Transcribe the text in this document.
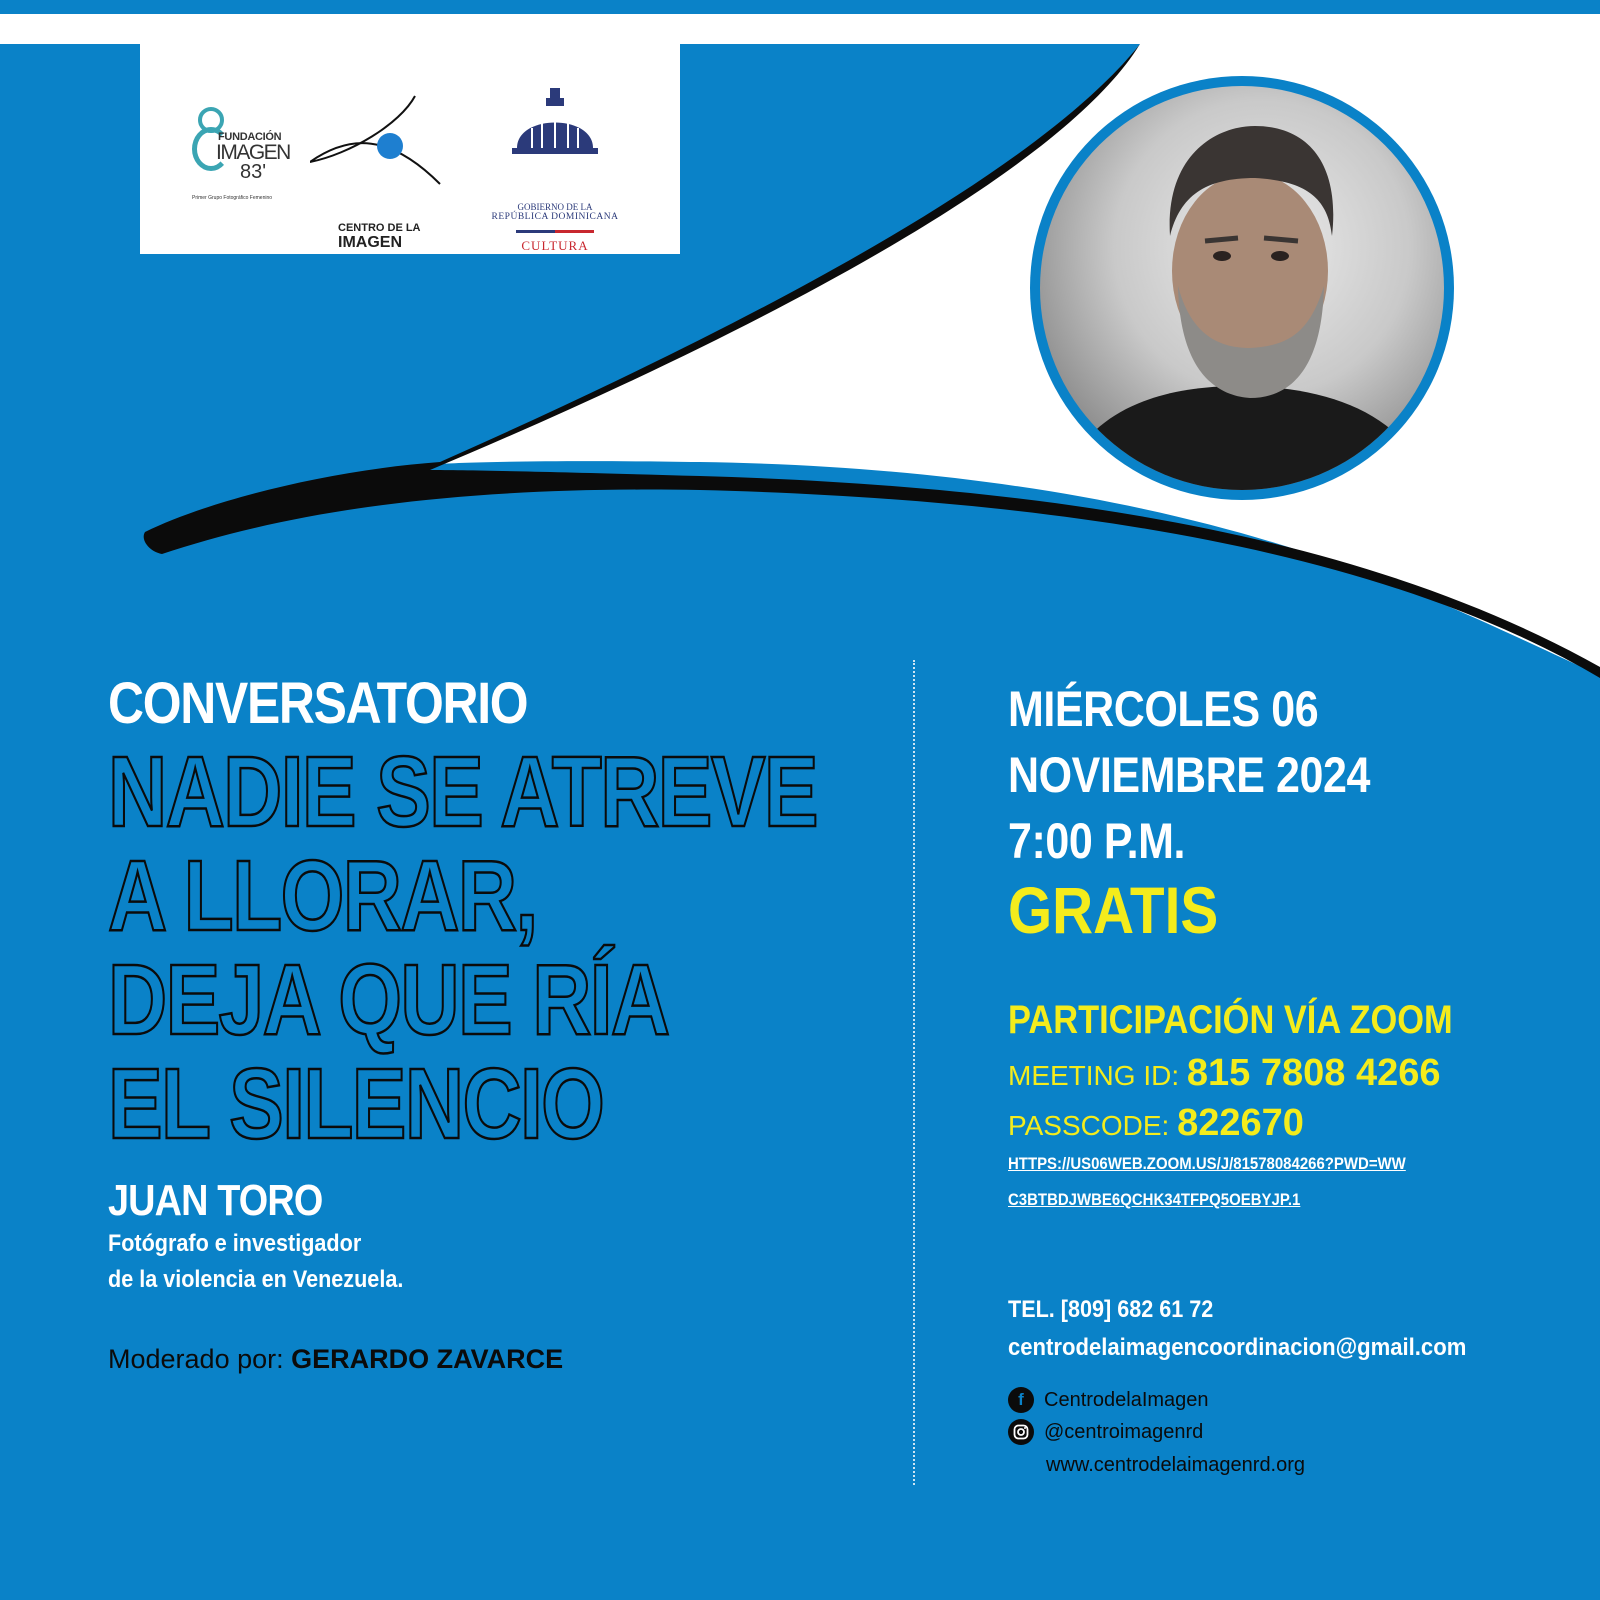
FUNDACIÓN
IMAGEN
83'
Primer Grupo Fotográfico Femenino
CENTRO DE LA
IMAGEN
GOBIERNO DE LA
REPÚBLICA DOMINICANA
CULTURA
CONVERSATORIO
NADIE SE ATREVE
A LLORAR,
DEJA QUE RÍA
EL SILENCIO
JUAN TORO
Fotógrafo e investigador
de la violencia en Venezuela.
Moderado por: GERARDO ZAVARCE
MIÉRCOLES 06
NOVIEMBRE 2024
7:00 P.M.
GRATIS
PARTICIPACIÓN VÍA ZOOM
MEETING ID: 815 7808 4266
PASSCODE: 822670
HTTPS://US06WEB.ZOOM.US/J/81578084266?PWD=WW
C3BTBDJWBE6QCHK34TFPQ5OEBYJP.1
TEL. [809] 682 61 72
centrodelaimagencoordinacion@gmail.com
f	CentrodelaImagen
@centroimagenrd
www.centrodelaimagenrd.org
